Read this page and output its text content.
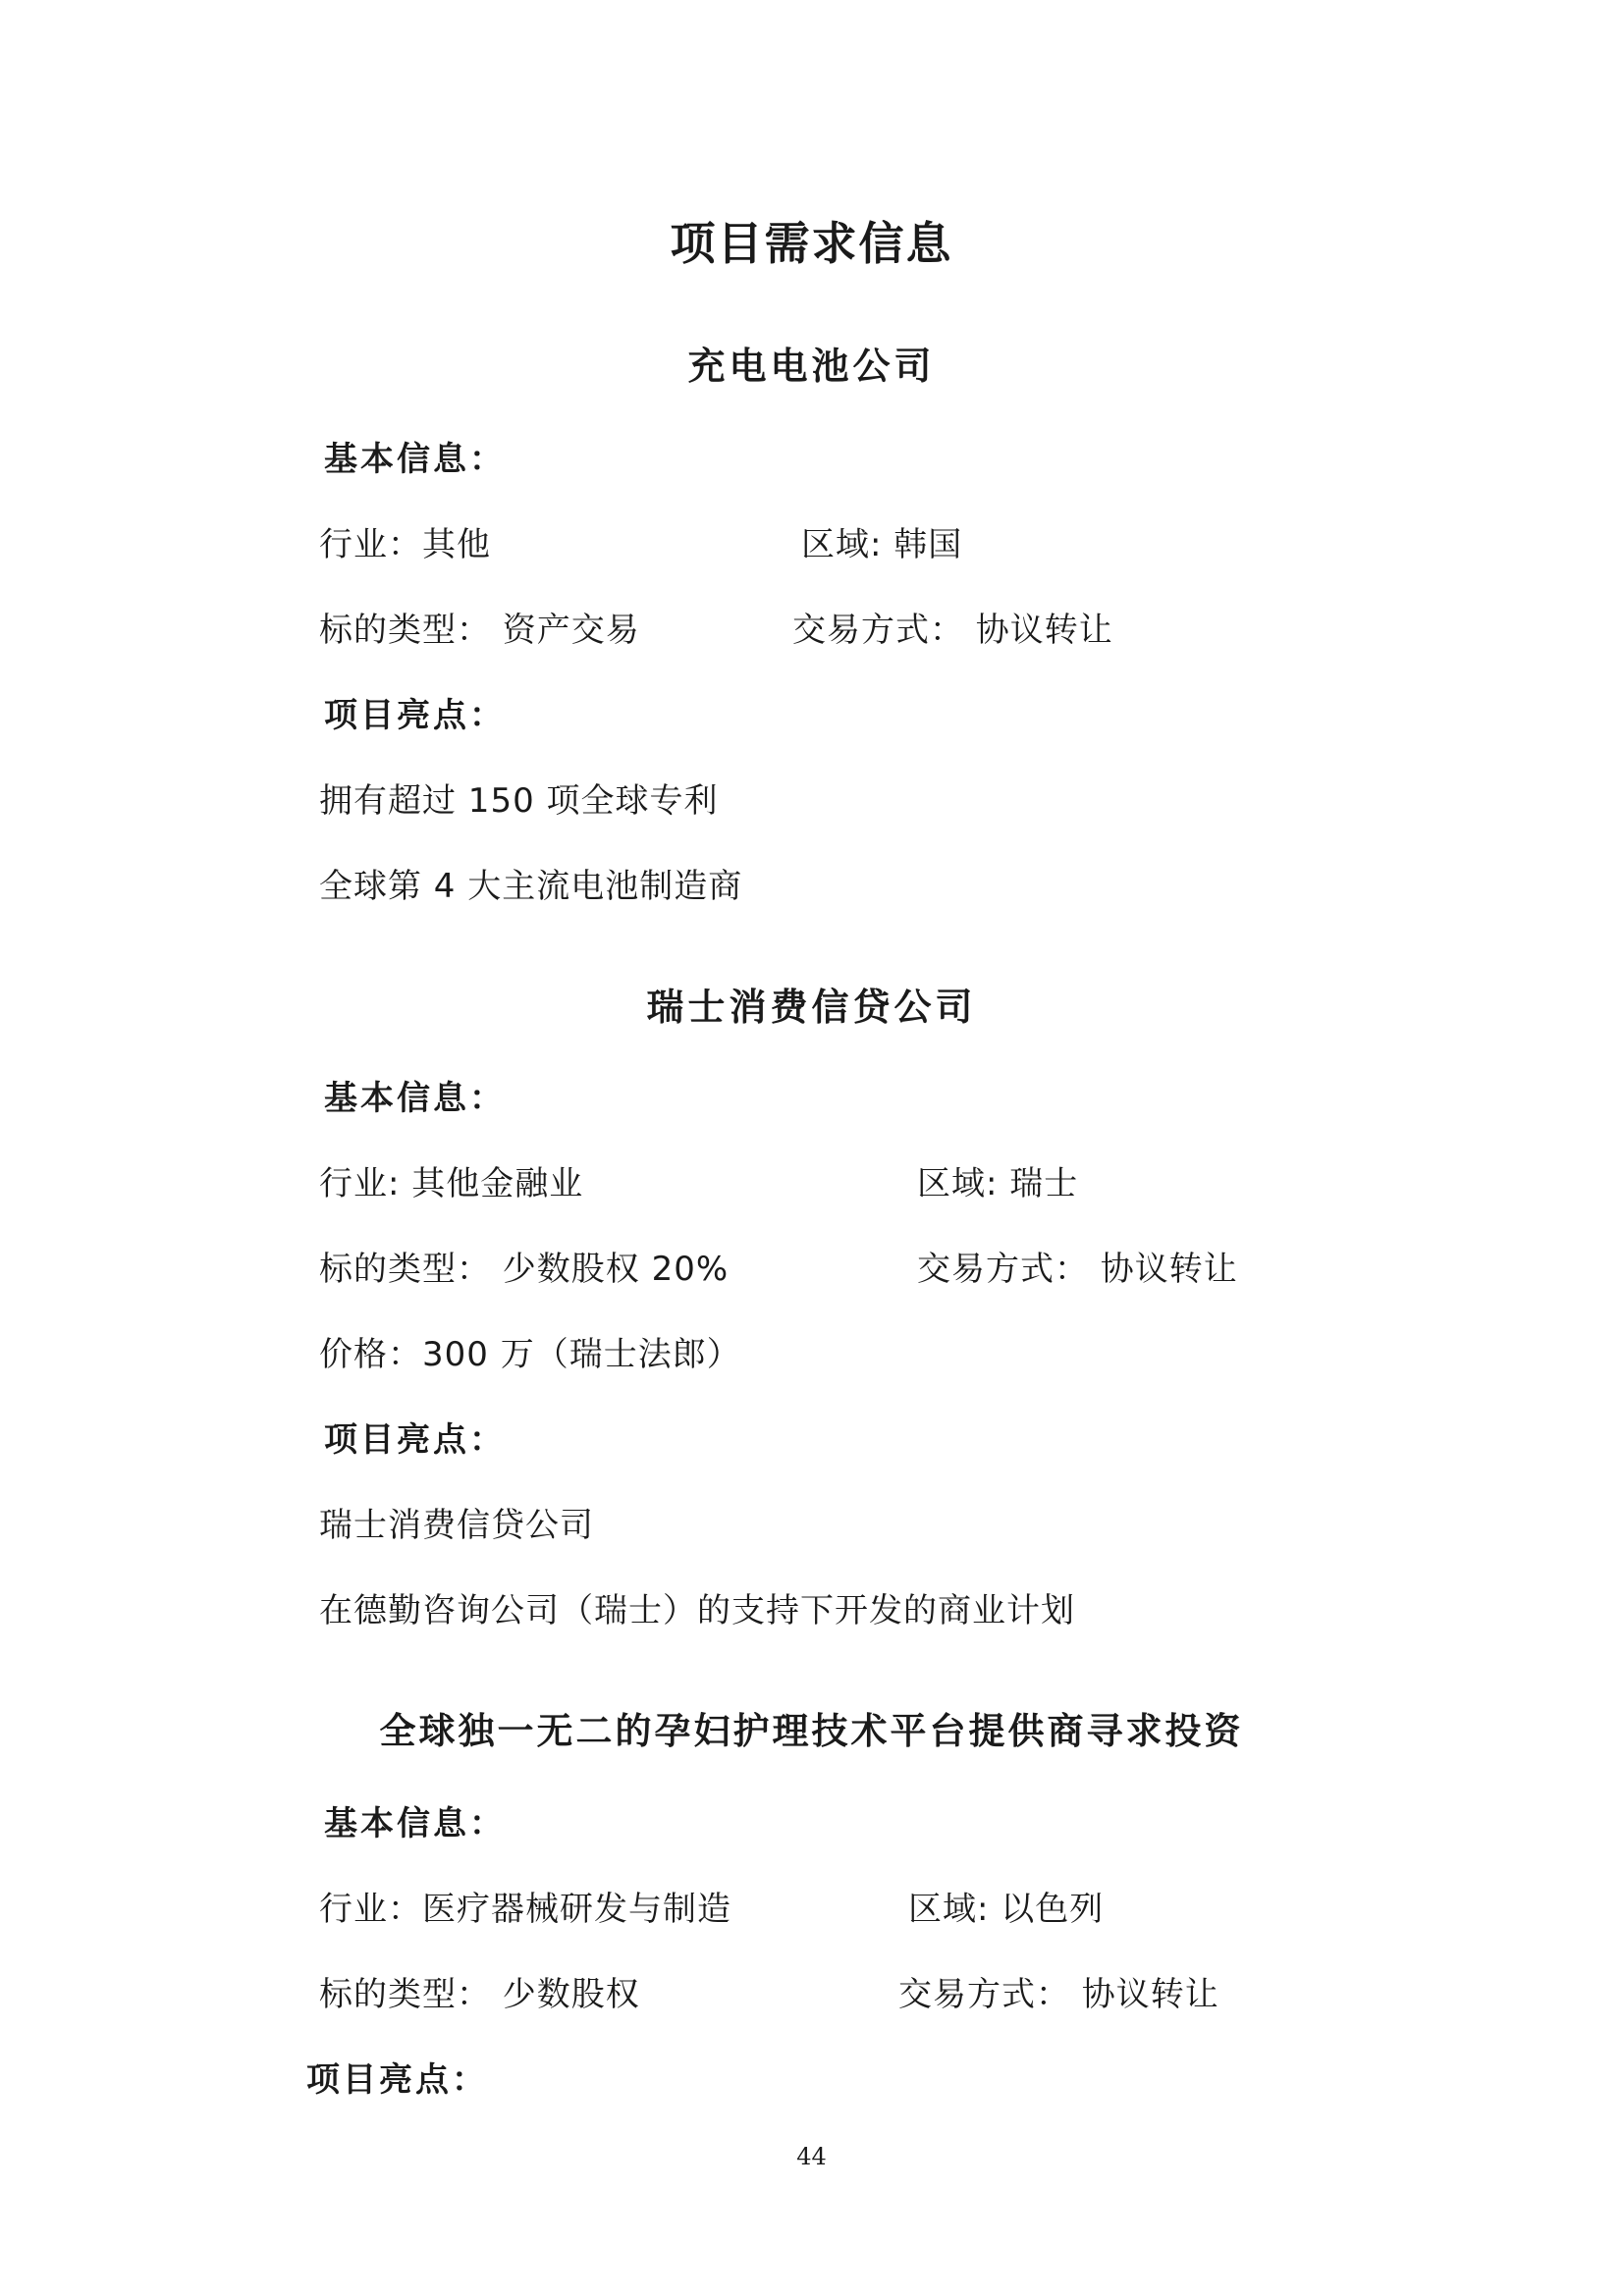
项目需求信息
充电电池公司
基本信息：
行业：其他	区域: 韩国
标的类型： 资产交易	交易方式： 协议转让
项目亮点：
拥有超过 150 项全球专利
全球第 4 大主流电池制造商
瑞士消费信贷公司
基本信息：
行业: 其他金融业	区域: 瑞士
标的类型： 少数股权 20%	交易方式： 协议转让
价格：300 万（瑞士法郎）
项目亮点：
瑞士消费信贷公司
在德勤咨询公司（瑞士）的支持下开发的商业计划
全球独一无二的孕妇护理技术平台提供商寻求投资
基本信息：
行业：医疗器械研发与制造	区域: 以色列
标的类型： 少数股权	交易方式： 协议转让
项目亮点：
44
